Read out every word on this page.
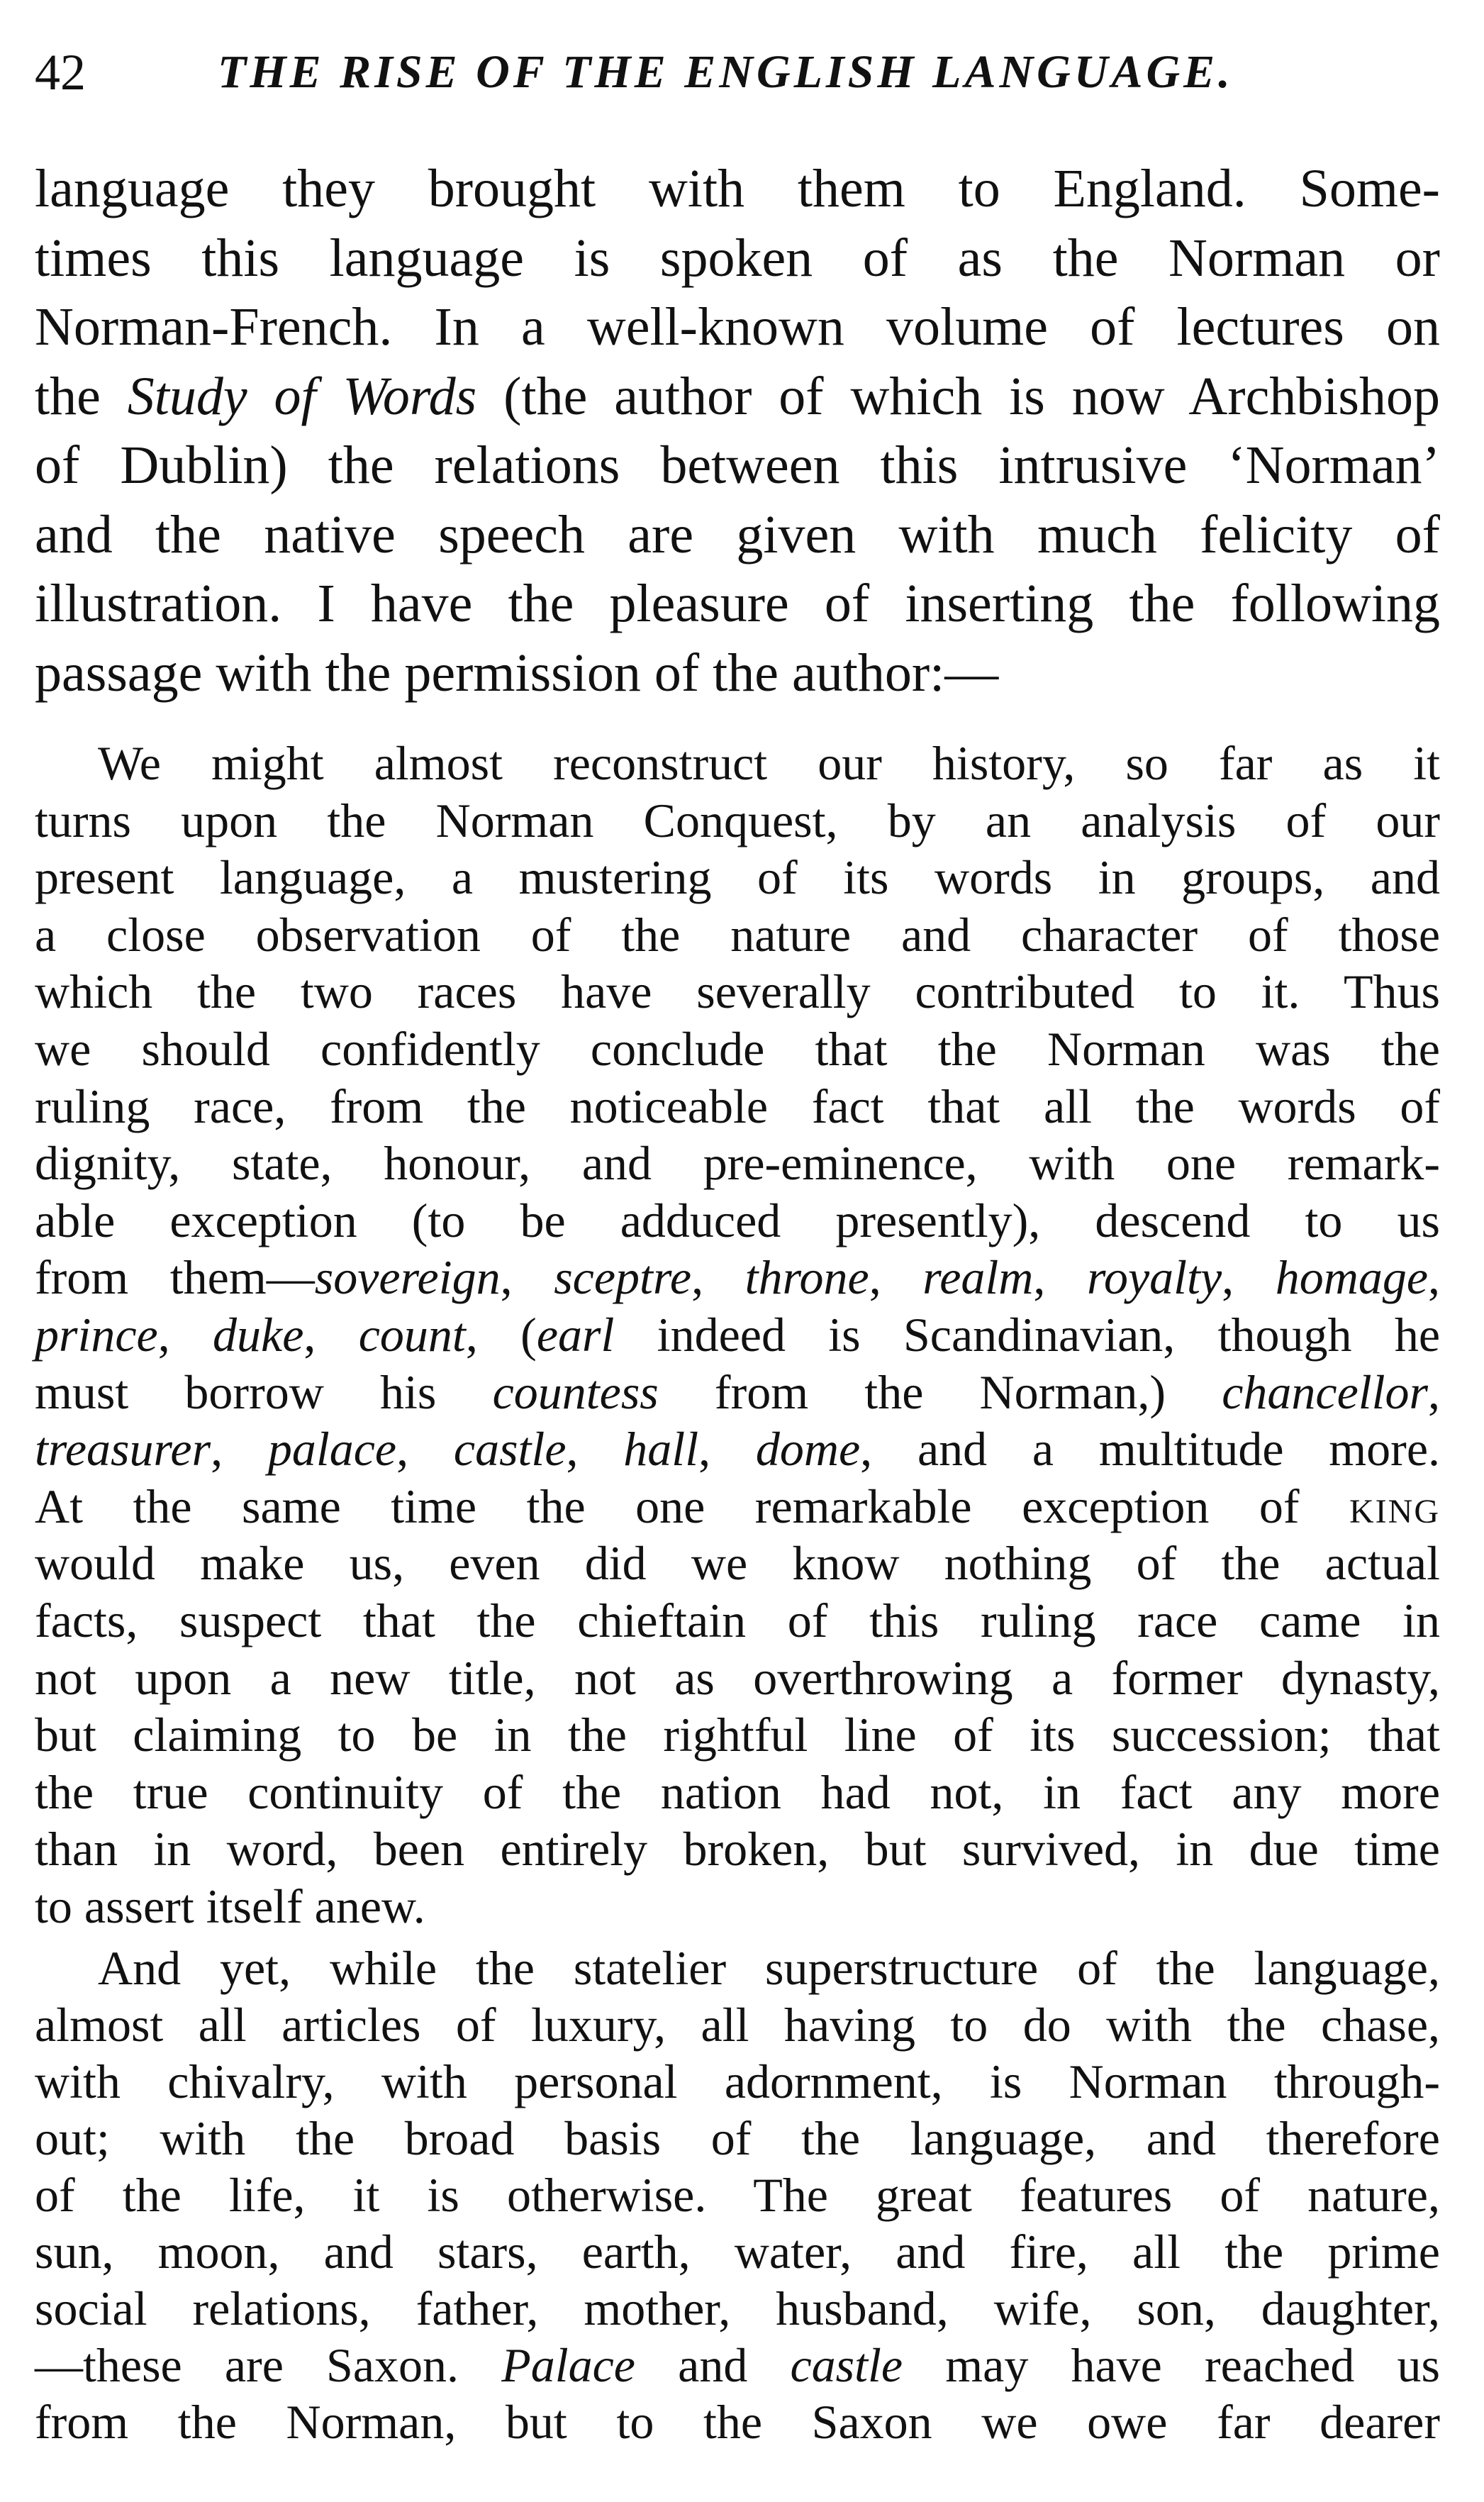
42	THE RISE OF THE ENGLISH LANGUAGE.
language they brought with them to England. Some-
times this language is spoken of as the Norman or
Norman-French. In a well-known volume of lectures on
the Study of Words (the author of which is now Archbishop
of Dublin) the relations between this intrusive ‘Norman’
and the native speech are given with much felicity of
illustration. I have the pleasure of inserting the following
passage with the permission of the author:—
We might almost reconstruct our history, so far as it
turns upon the Norman Conquest, by an analysis of our
present language, a mustering of its words in groups, and
a close observation of the nature and character of those
which the two races have severally contributed to it. Thus
we should confidently conclude that the Norman was the
ruling race, from the noticeable fact that all the words of
dignity, state, honour, and pre-eminence, with one remark-
able exception (to be adduced presently), descend to us
from them—sovereign, sceptre, throne, realm, royalty, homage,
prince, duke, count, (earl indeed is Scandinavian, though he
must borrow his countess from the Norman,) chancellor,
treasurer, palace, castle, hall, dome, and a multitude more.
At the same time the one remarkable exception of king
would make us, even did we know nothing of the actual
facts, suspect that the chieftain of this ruling race came in
not upon a new title, not as overthrowing a former dynasty,
but claiming to be in the rightful line of its succession; that
the true continuity of the nation had not, in fact any more
than in word, been entirely broken, but survived, in due time
to assert itself anew.
And yet, while the statelier superstructure of the language,
almost all articles of luxury, all having to do with the chase,
with chivalry, with personal adornment, is Norman through-
out; with the broad basis of the language, and therefore
of the life, it is otherwise. The great features of nature,
sun, moon, and stars, earth, water, and fire, all the prime
social relations, father, mother, husband, wife, son, daughter,
—these are Saxon. Palace and castle may have reached us
from the Norman, but to the Saxon we owe far dearer
